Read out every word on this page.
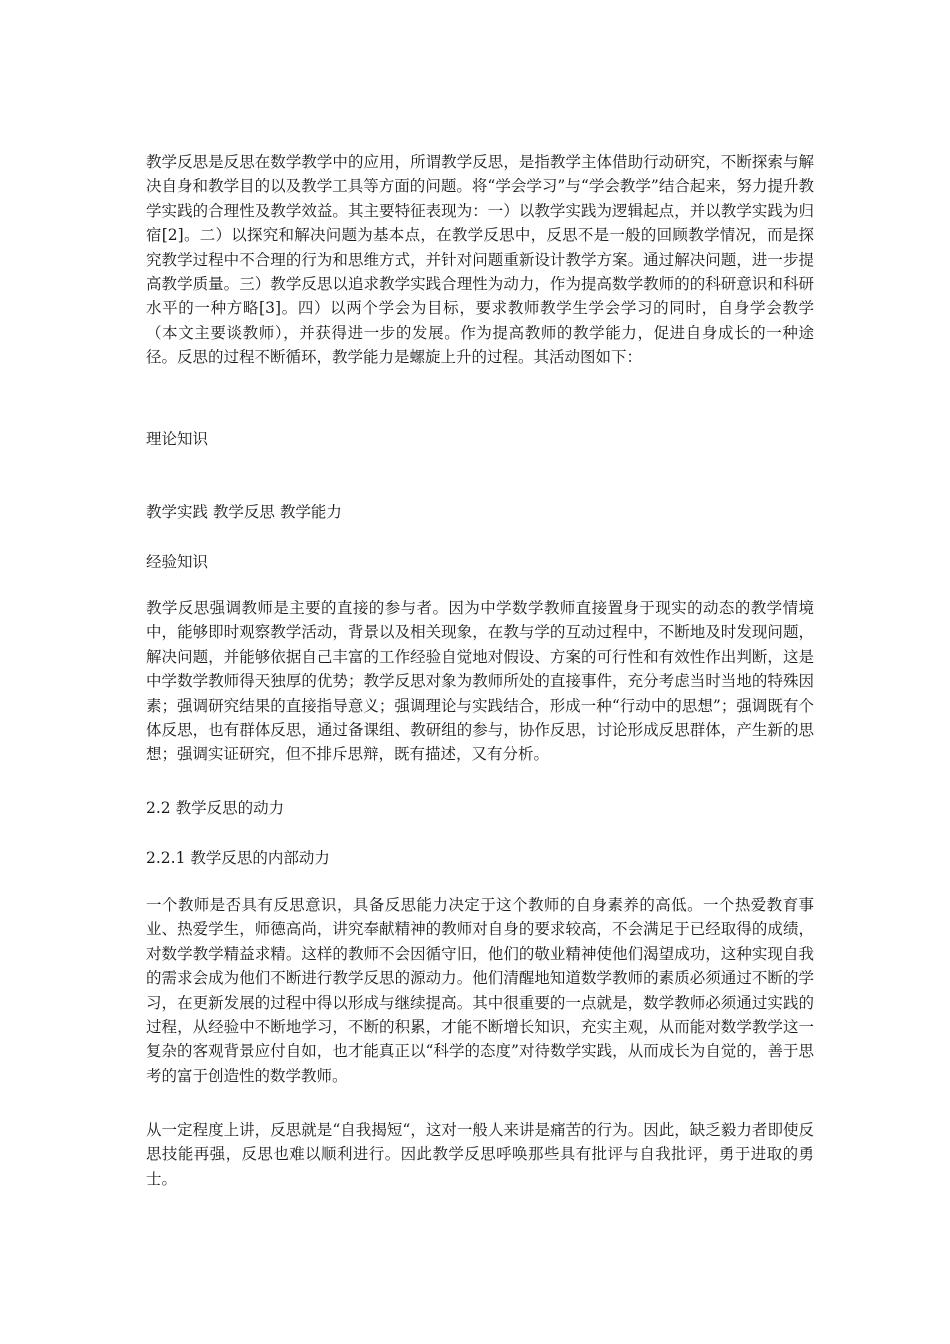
教学反思是反思在数学教学中的应用，所谓教学反思，是指教学主体借助行动研究，不断探索与解决自身和教学目的以及教学工具等方面的问题。将“学会学习”与“学会教学”结合起来，努力提升教学实践的合理性及教学效益。其主要特征表现为：一）以教学实践为逻辑起点，并以教学实践为归宿[2]。二）以探究和解决问题为基本点，在教学反思中，反思不是一般的回顾教学情况，而是探究教学过程中不合理的行为和思维方式，并针对问题重新设计教学方案。通过解决问题，进一步提高教学质量。三）教学反思以追求教学实践合理性为动力，作为提高数学教师的的科研意识和科研水平的一种方略[3]。四）以两个学会为目标，要求教师教学生学会学习的同时，自身学会教学（本文主要谈教师），并获得进一步的发展。作为提高教师的教学能力，促进自身成长的一种途径。反思的过程不断循环，教学能力是螺旋上升的过程。其活动图如下：

理论知识

教学实践 教学反思 教学能力

经验知识

教学反思强调教师是主要的直接的参与者。因为中学数学教师直接置身于现实的动态的教学情境中，能够即时观察教学活动，背景以及相关现象，在教与学的互动过程中，不断地及时发现问题，解决问题，并能够依据自己丰富的工作经验自觉地对假设、方案的可行性和有效性作出判断，这是中学数学教师得天独厚的优势；教学反思对象为教师所处的直接事件，充分考虑当时当地的特殊因素；强调研究结果的直接指导意义；强调理论与实践结合，形成一种“行动中的思想”；强调既有个体反思，也有群体反思，通过备课组、教研组的参与，协作反思，讨论形成反思群体，产生新的思想；强调实证研究，但不排斥思辩，既有描述，又有分析。

2.2 教学反思的动力

2.2.1 教学反思的内部动力

一个教师是否具有反思意识，具备反思能力决定于这个教师的自身素养的高低。一个热爱教育事业、热爱学生，师德高尚，讲究奉献精神的教师对自身的要求较高，不会满足于已经取得的成绩，对数学教学精益求精。这样的教师不会因循守旧，他们的敬业精神使他们渴望成功，这种实现自我的需求会成为他们不断进行教学反思的源动力。他们清醒地知道数学教师的素质必须通过不断的学习，在更新发展的过程中得以形成与继续提高。其中很重要的一点就是，数学教师必须通过实践的过程，从经验中不断地学习，不断的积累，才能不断增长知识，充实主观，从而能对数学教学这一复杂的客观背景应付自如，也才能真正以“科学的态度”对待数学实践，从而成长为自觉的，善于思考的富于创造性的数学教师。

从一定程度上讲，反思就是“自我揭短“，这对一般人来讲是痛苦的行为。因此，缺乏毅力者即使反思技能再强，反思也难以顺利进行。因此教学反思呼唤那些具有批评与自我批评，勇于进取的勇士。
